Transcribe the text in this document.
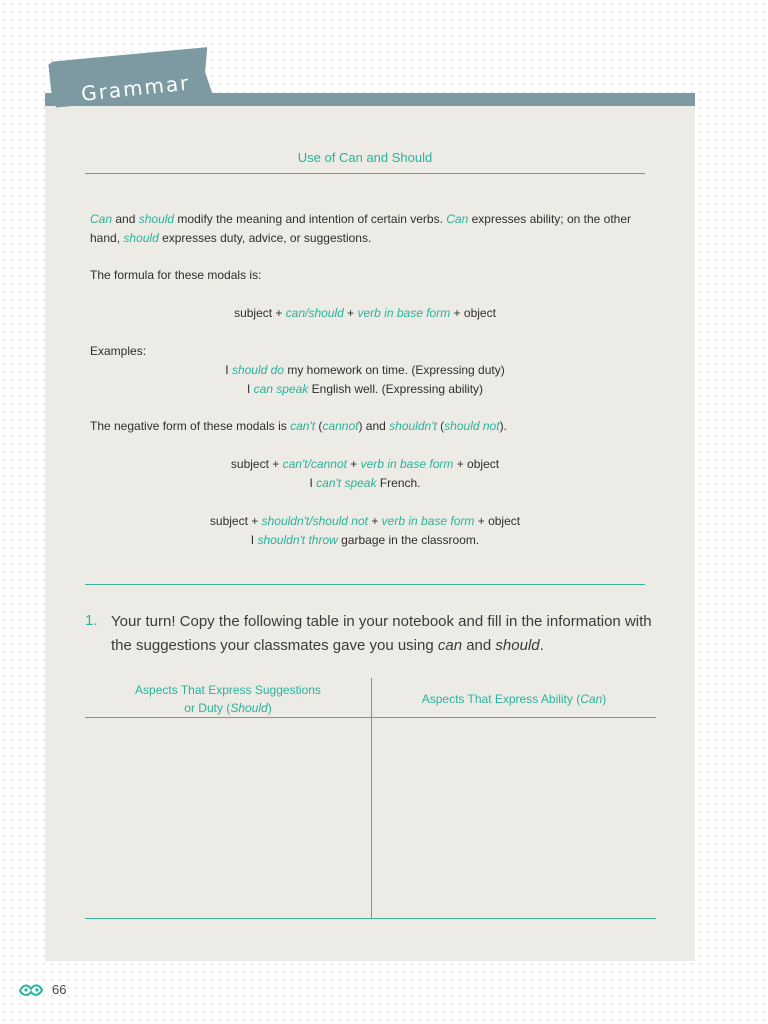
Grammar
Use of Can and Should
Can and should modify the meaning and intention of certain verbs. Can expresses ability; on the other hand, should expresses duty, advice, or suggestions.
The formula for these modals is:
subject + can/should + verb in base form + object
Examples:
I should do my homework on time. (Expressing duty)
I can speak English well. (Expressing ability)
The negative form of these modals is can't (cannot) and shouldn't (should not).
subject + can't/cannot + verb in base form + object
I can't speak French.
subject + shouldn't/should not + verb in base form + object
I shouldn't throw garbage in the classroom.
1. Your turn! Copy the following table in your notebook and fill in the information with the suggestions your classmates gave you using can and should.
Aspects That Express Suggestions
or Duty (Should)
Aspects That Express Ability (Can)
66
